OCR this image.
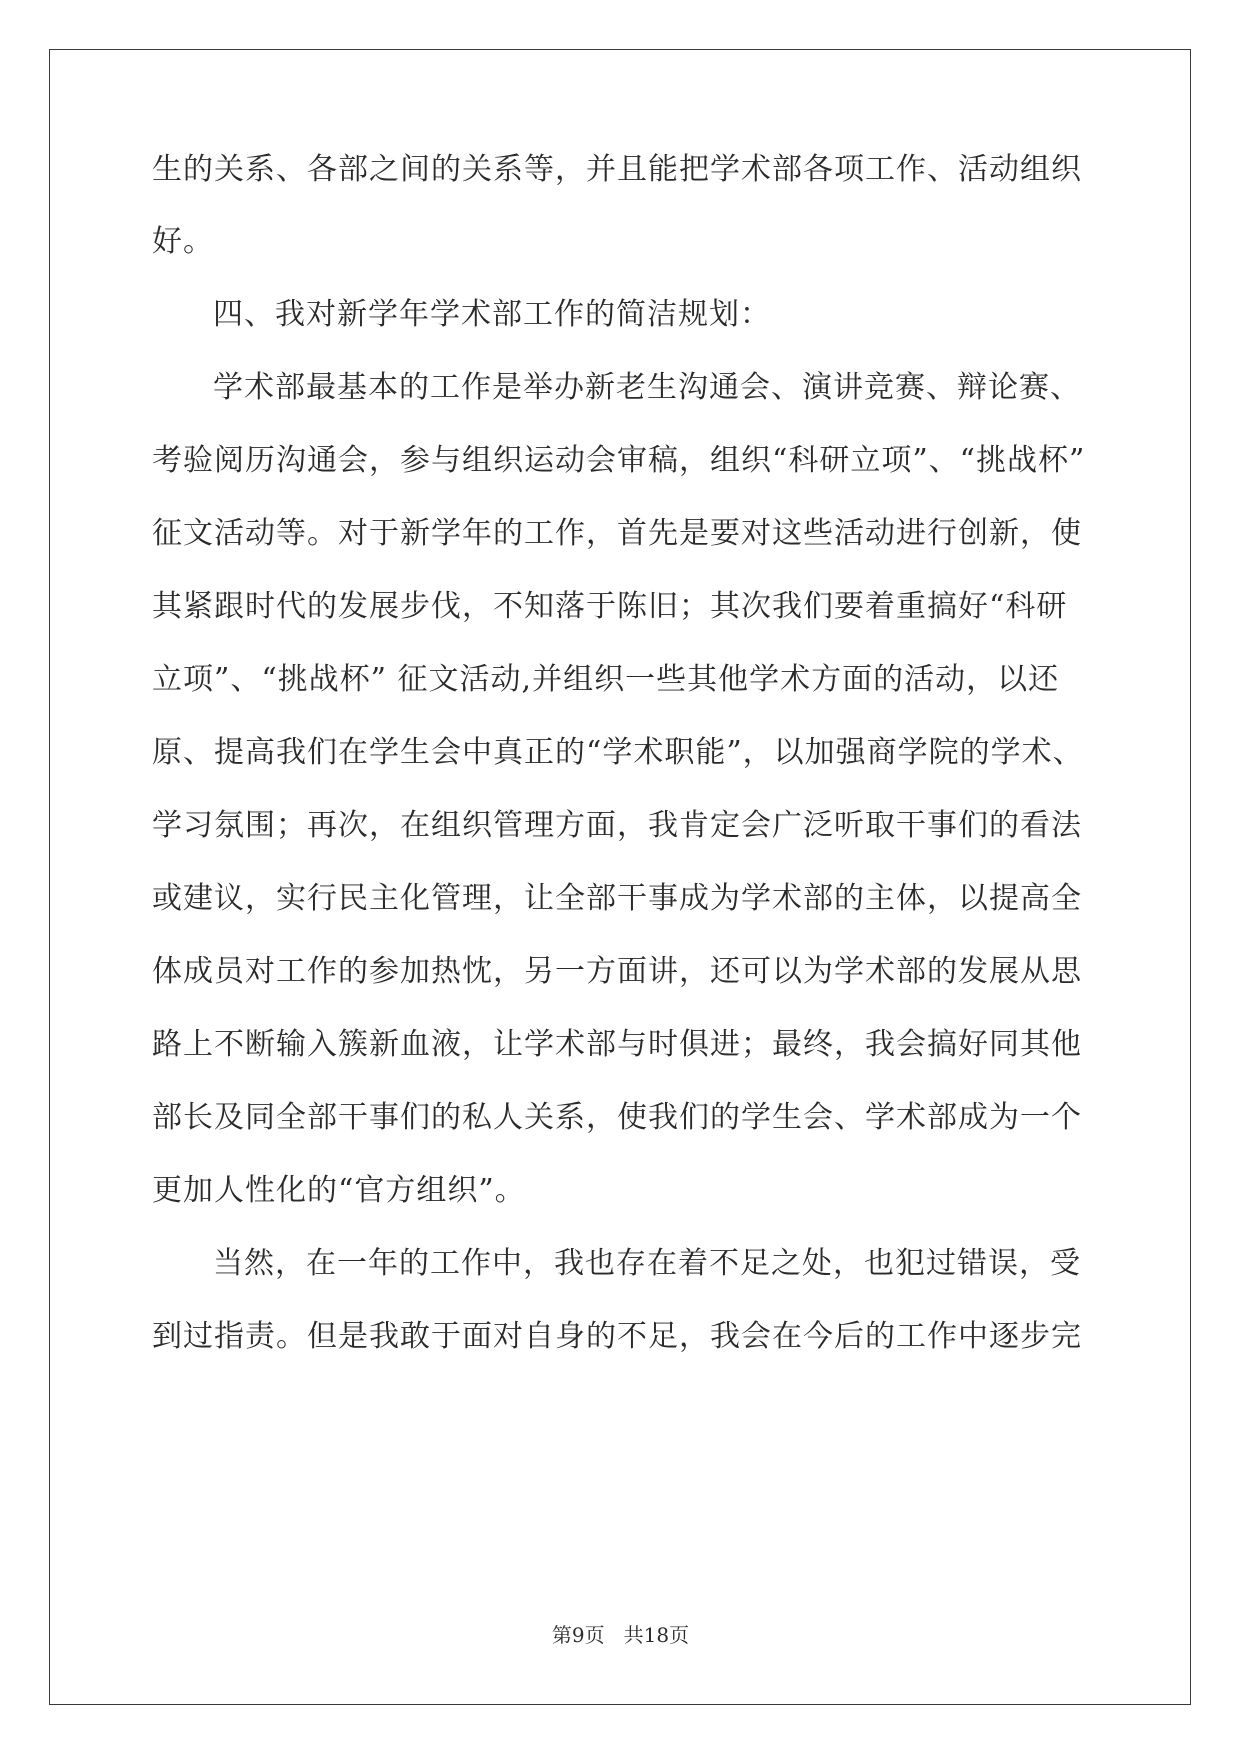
生的关系、各部之间的关系等，并且能把学术部各项工作、活动组织
好。
四、我对新学年学术部工作的简洁规划：
学术部最基本的工作是举办新老生沟通会、演讲竞赛、辩论赛、
考验阅历沟通会，参与组织运动会审稿，组织“科研立项”、“挑战杯”
征文活动等。对于新学年的工作，首先是要对这些活动进行创新，使
其紧跟时代的发展步伐，不知落于陈旧；其次我们要着重搞好“科研
立项”、“挑战杯” 征文活动,并组织一些其他学术方面的活动，以还
原、提高我们在学生会中真正的“学术职能”，以加强商学院的学术、
学习氛围；再次，在组织管理方面，我肯定会广泛听取干事们的看法
或建议，实行民主化管理，让全部干事成为学术部的主体，以提高全
体成员对工作的参加热忱，另一方面讲，还可以为学术部的发展从思
路上不断输入簇新血液，让学术部与时俱进；最终，我会搞好同其他
部长及同全部干事们的私人关系，使我们的学生会、学术部成为一个
更加人性化的“官方组织”。
当然，在一年的工作中，我也存在着不足之处，也犯过错误，受
到过指责。但是我敢于面对自身的不足，我会在今后的工作中逐步完
第9页   共18页
